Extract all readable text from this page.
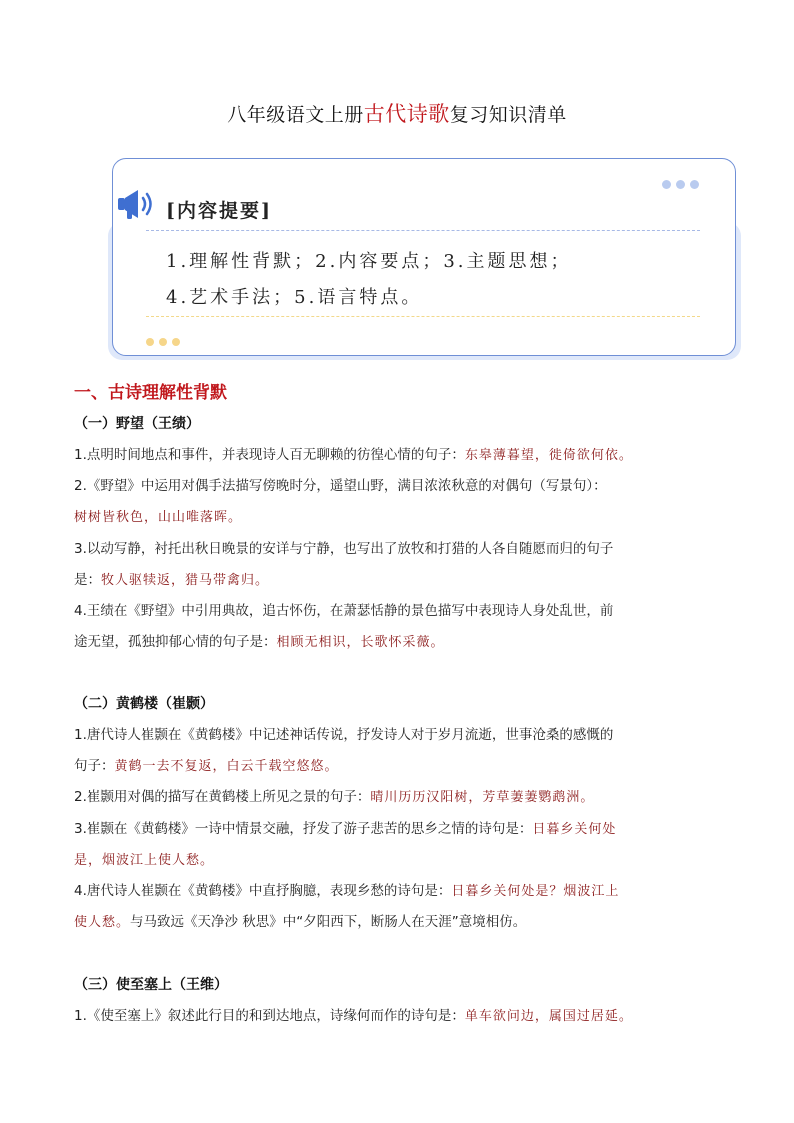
八年级语文上册古代诗歌复习知识清单
[内容提要]
1.理解性背默；2.内容要点；3.主题思想；
4.艺术手法；5.语言特点。
一、古诗理解性背默
（一）野望（王绩）
1.点明时间地点和事件，并表现诗人百无聊赖的彷徨心情的句子：东皋薄暮望，徙倚欲何依。
2.《野望》中运用对偶手法描写傍晚时分，遥望山野，满目浓浓秋意的对偶句（写景句）：
树树皆秋色，山山唯落晖。
3.以动写静，衬托出秋日晚景的安详与宁静，也写出了放牧和打猎的人各自随愿而归的句子
是：牧人驱犊返，猎马带禽归。
4.王绩在《野望》中引用典故，追古怀伤，在萧瑟恬静的景色描写中表现诗人身处乱世，前
途无望，孤独抑郁心情的句子是：相顾无相识，长歌怀采薇。
（二）黄鹤楼（崔颢）
1.唐代诗人崔颢在《黄鹤楼》中记述神话传说，抒发诗人对于岁月流逝，世事沧桑的感慨的
句子：黄鹤一去不复返，白云千载空悠悠。
2.崔颢用对偶的描写在黄鹤楼上所见之景的句子：晴川历历汉阳树，芳草萋萋鹦鹉洲。
3.崔颢在《黄鹤楼》一诗中情景交融，抒发了游子悲苦的思乡之情的诗句是：日暮乡关何处
是，烟波江上使人愁。
4.唐代诗人崔颢在《黄鹤楼》中直抒胸臆，表现乡愁的诗句是：日暮乡关何处是？烟波江上
使人愁。与马致远《天净沙 秋思》中“夕阳西下，断肠人在天涯”意境相仿。
（三）使至塞上（王维）
1.《使至塞上》叙述此行目的和到达地点，诗缘何而作的诗句是：单车欲问边，属国过居延。
